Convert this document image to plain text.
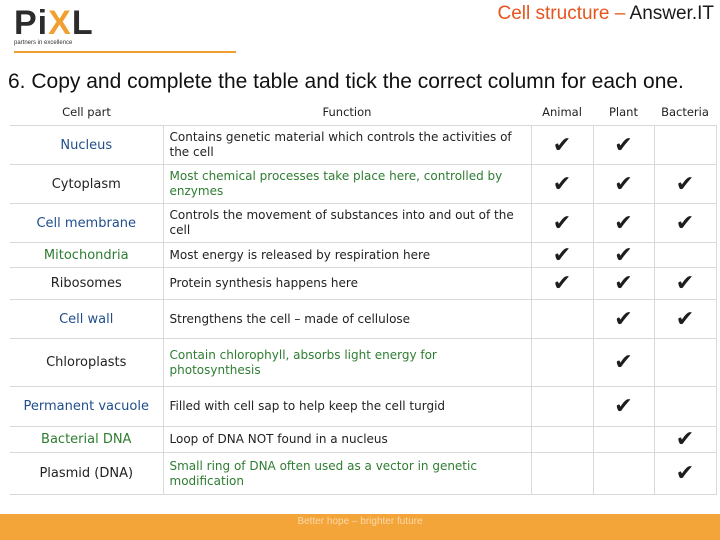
PiXL
partners in excellence
Cell structure – Answer.IT
6. Copy and complete the table and tick the correct column for each one.
Cell part	Function	Animal	Plant	Bacteria
Nucleus	Contains genetic material which controls the activities of the cell	✔	✔	
Cytoplasm	Most chemical processes take place here, controlled by enzymes	✔	✔	✔
Cell membrane	Controls the movement of substances into and out of the cell	✔	✔	✔
Mitochondria	Most energy is released by respiration here	✔	✔	
Ribosomes	Protein synthesis happens here	✔	✔	✔
Cell wall	Strengthens the cell – made of cellulose		✔	✔
Chloroplasts	Contain chlorophyll, absorbs light energy for photosynthesis		✔	
Permanent vacuole	Filled with cell sap to help keep the cell turgid		✔	
Bacterial DNA	Loop of DNA NOT found in a nucleus			✔
Plasmid (DNA)	Small ring of DNA often used as a vector in genetic modification			✔
Better hope – brighter future
